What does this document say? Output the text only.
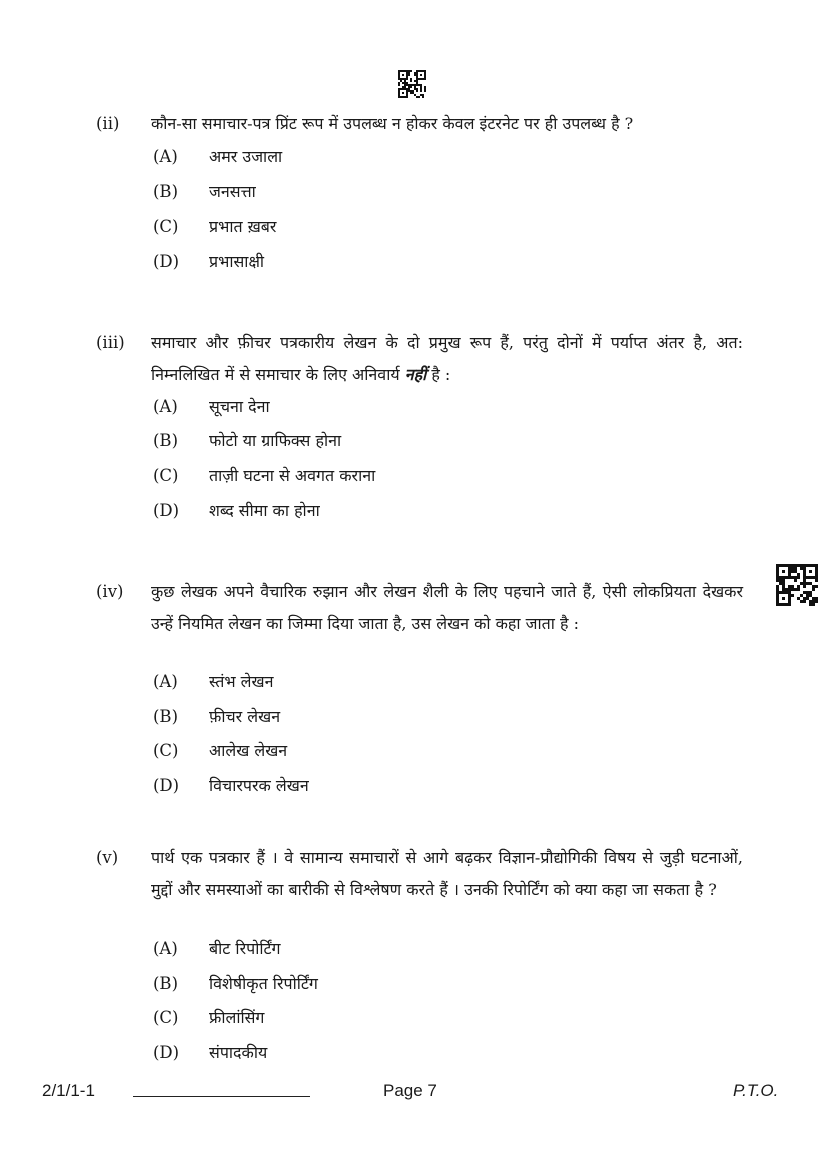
(ii) कौन-सा समाचार-पत्र प्रिंट रूप में उपलब्ध न होकर केवल इंटरनेट पर ही उपलब्ध है ?
(A) अमर उजाला
(B) जनसत्ता
(C) प्रभात ख़बर
(D) प्रभासाक्षी
(iii) समाचार और फ़ीचर पत्रकारीय लेखन के दो प्रमुख रूप हैं, परंतु दोनों में पर्याप्त अंतर है, अत: निम्नलिखित में से समाचार के लिए अनिवार्य नहीं है :
(A) सूचना देना
(B) फोटो या ग्राफिक्स होना
(C) ताज़ी घटना से अवगत कराना
(D) शब्द सीमा का होना
(iv) कुछ लेखक अपने वैचारिक रुझान और लेखन शैली के लिए पहचाने जाते हैं, ऐसी लोकप्रियता देखकर उन्हें नियमित लेखन का जिम्मा दिया जाता है, उस लेखन को कहा जाता है :
(A) स्तंभ लेखन
(B) फ़ीचर लेखन
(C) आलेख लेखन
(D) विचारपरक लेखन
(v) पार्थ एक पत्रकार हैं । वे सामान्य समाचारों से आगे बढ़कर विज्ञान-प्रौद्योगिकी विषय से जुड़ी घटनाओं, मुद्दों और समस्याओं का बारीकी से विश्लेषण करते हैं । उनकी रिपोर्टिंग को क्या कहा जा सकता है ?
(A) बीट रिपोर्टिंग
(B) विशेषीकृत रिपोर्टिंग
(C) फ्रीलांसिंग
(D) संपादकीय
2/1/1-1	Page 7	P.T.O.
